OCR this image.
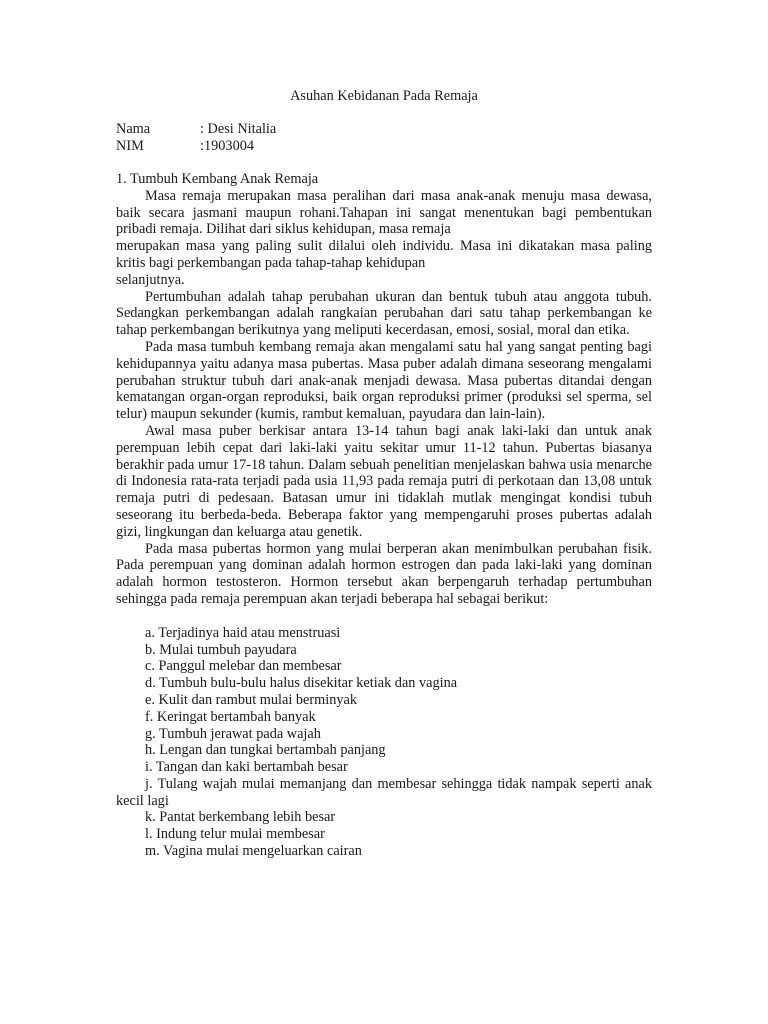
Asuhan Kebidanan Pada Remaja
Nama	: Desi Nitalia
NIM	:1903004
1. Tumbuh Kembang Anak Remaja

Masa remaja merupakan masa peralihan dari masa anak-anak menuju masa dewasa, baik secara jasmani maupun rohani.Tahapan ini sangat menentukan bagi pembentukan pribadi remaja. Dilihat dari siklus kehidupan, masa remaja

merupakan masa yang paling sulit dilalui oleh individu. Masa ini dikatakan masa paling kritis bagi perkembangan pada tahap-tahap kehidupan

selanjutnya.

Pertumbuhan adalah tahap perubahan ukuran dan bentuk tubuh atau anggota tubuh. Sedangkan perkembangan adalah rangkaian perubahan dari satu tahap perkembangan ke tahap perkembangan berikutnya yang meliputi kecerdasan, emosi, sosial, moral dan etika.

Pada masa tumbuh kembang remaja akan mengalami satu hal yang sangat penting bagi kehidupannya yaitu adanya masa pubertas. Masa puber adalah dimana seseorang mengalami perubahan struktur tubuh dari anak-anak menjadi dewasa. Masa pubertas ditandai dengan kematangan organ-organ reproduksi, baik organ reproduksi primer (produksi sel sperma, sel telur) maupun sekunder (kumis, rambut kemaluan, payudara dan lain-lain).

Awal masa puber berkisar antara 13-14 tahun bagi anak laki-laki dan untuk anak perempuan lebih cepat dari laki-laki yaitu sekitar umur 11-12 tahun. Pubertas biasanya berakhir pada umur 17-18 tahun. Dalam sebuah penelitian menjelaskan bahwa usia menarche di Indonesia rata-rata terjadi pada usia 11,93 pada remaja putri di perkotaan dan 13,08 untuk remaja putri di pedesaan. Batasan umur ini tidaklah mutlak mengingat kondisi tubuh seseorang itu berbeda-beda. Beberapa faktor yang mempengaruhi proses pubertas adalah gizi, lingkungan dan keluarga atau genetik.

Pada masa pubertas hormon yang mulai berperan akan menimbulkan perubahan fisik. Pada perempuan yang dominan adalah hormon estrogen dan pada laki-laki yang dominan adalah hormon testosteron. Hormon tersebut akan berpengaruh terhadap pertumbuhan sehingga pada remaja perempuan akan terjadi beberapa hal sebagai berikut:

a. Terjadinya haid atau menstruasi
b. Mulai tumbuh payudara
c. Panggul melebar dan membesar
d. Tumbuh bulu-bulu halus disekitar ketiak dan vagina
e. Kulit dan rambut mulai berminyak
f. Keringat bertambah banyak
g. Tumbuh jerawat pada wajah
h. Lengan dan tungkai bertambah panjang
i. Tangan dan kaki bertambah besar
j. Tulang wajah mulai memanjang dan membesar sehingga tidak nampak seperti anak kecil lagi
k. Pantat berkembang lebih besar
l. Indung telur mulai membesar
m. Vagina mulai mengeluarkan cairan
